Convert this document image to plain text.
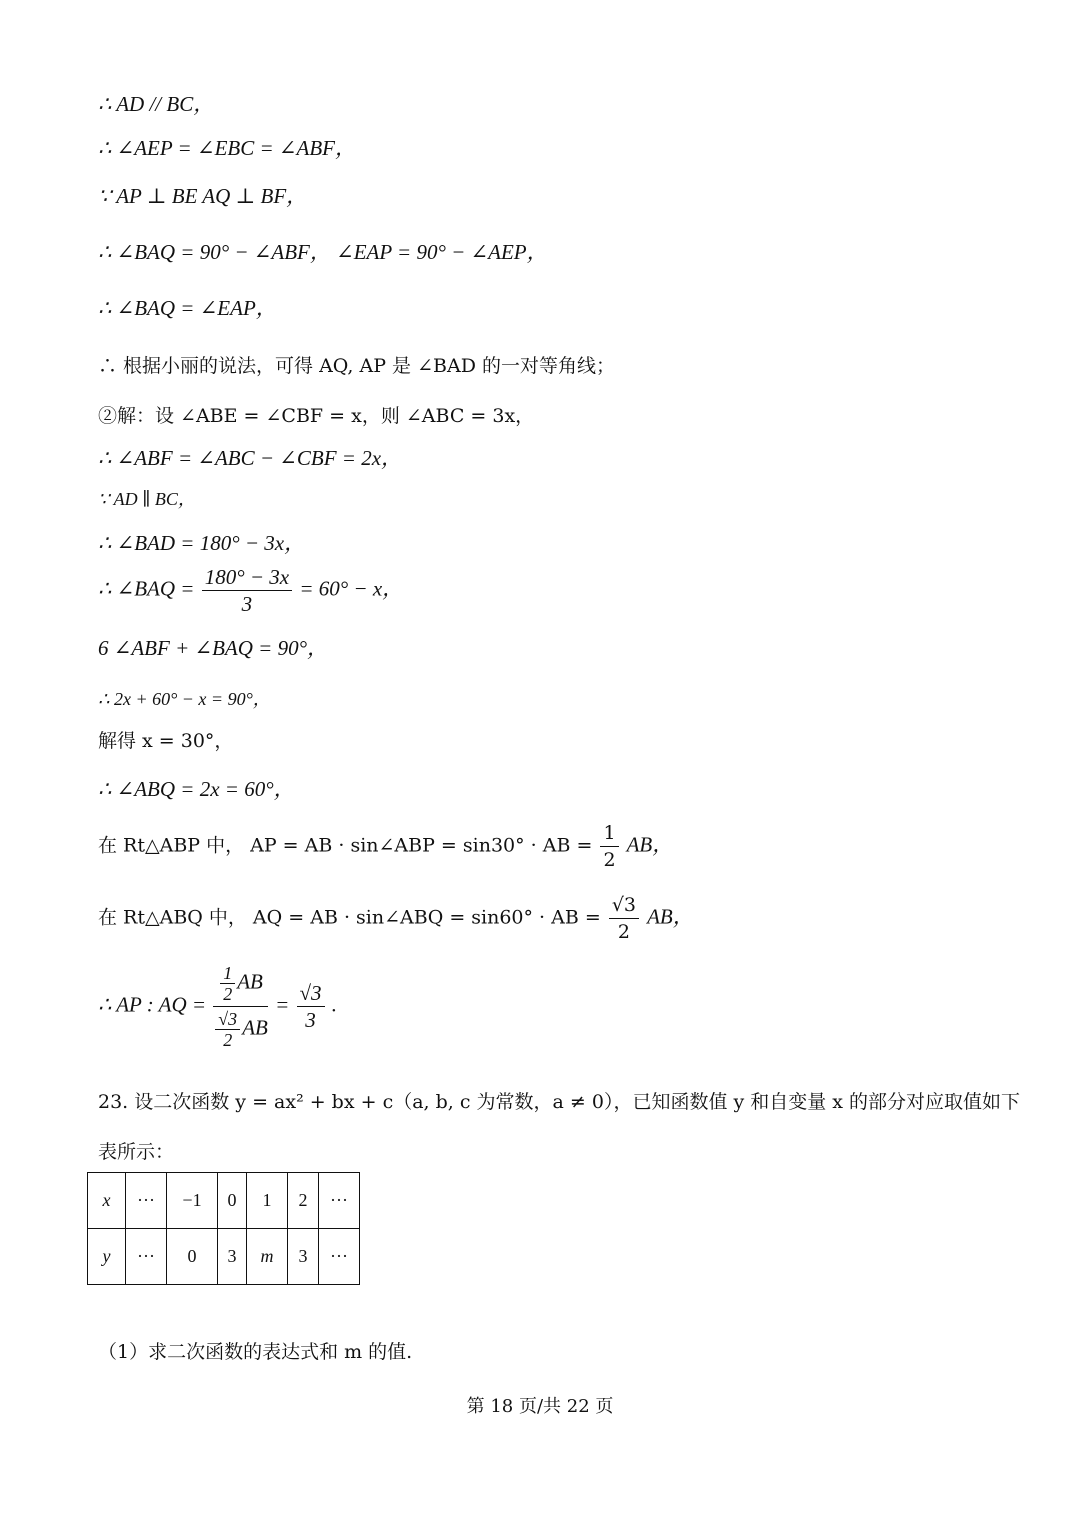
∴ AD // BC，
∴ ∠AEP = ∠EBC = ∠ABF，
∵ AP ⊥ BE AQ ⊥ BF，
∴ ∠BAQ = 90° − ∠ABF， ∠EAP = 90° − ∠AEP，
∴ ∠BAQ = ∠EAP，
∴ 根据小丽的说法，可得 AQ, AP 是 ∠BAD 的一对等角线；
②解：设 ∠ABE = ∠CBF = x，则 ∠ABC = 3x，
∴ ∠ABF = ∠ABC − ∠CBF = 2x，
∵ AD ∥ BC，
∴ ∠BAD = 180° − 3x，
∴ ∠BAQ = $\frac{180^\circ - 3x}{3} = 60^\circ - x$，
6 ∠ABF + ∠BAQ = 90°，
∴ 2x + 60° − x = 90°，
解得 x = 30°，
∴ ∠ABQ = 2x = 60°，
在 Rt△ABP 中， AP = AB · sin∠ABP = sin30° · AB = $\frac{1}{2}$ AB，
在 Rt△ABQ 中， AQ = AB · sin∠ABQ = sin60° · AB = $\frac{√3}{2}$ AB，
∴ AP : AQ = $\frac{\frac{1}{2} AB}{\frac{√3}{2} AB} = \frac{√3}{3}$ .
23. 设二次函数 y = ax² + bx + c（a, b, c 为常数，a ≠ 0），已知函数值 y 和自变量 x 的部分对应取值如下
表所示：
x	···	−1	0	1	2	···
y	···	0	3	m	3	···
（1）求二次函数的表达式和 m 的值.
第 18 页/共 22 页
